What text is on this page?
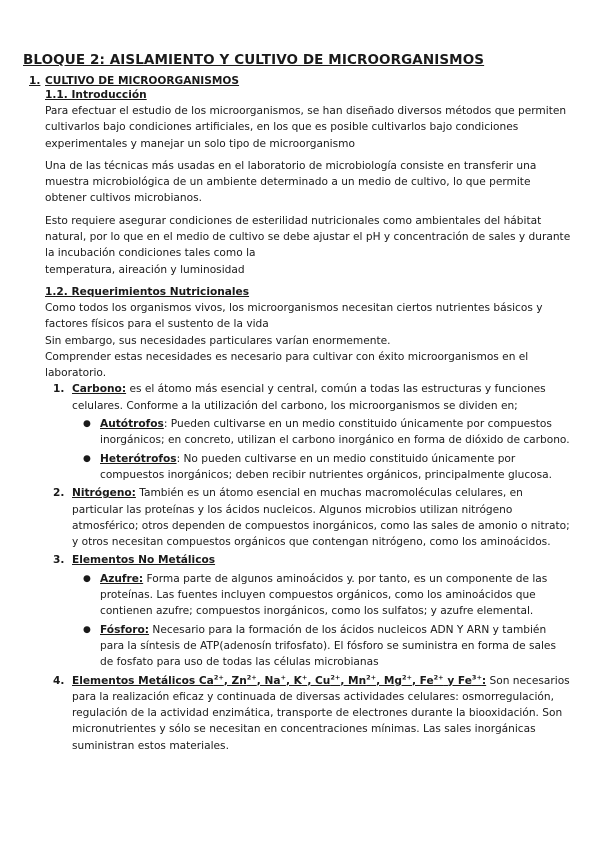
BLOQUE 2: AISLAMIENTO Y CULTIVO DE MICROORGANISMOS
1. CULTIVO DE MICROORGANISMOS
1.1. Introducción
Para efectuar el estudio de los microorganismos, se han diseñado diversos métodos que permiten cultivarlos bajo condiciones artificiales, en los que es posible cultivarlos bajo condiciones experimentales y manejar un solo tipo de microorganismo
Una de las técnicas más usadas en el laboratorio de microbiología consiste en transferir una muestra microbiológica de un ambiente determinado a un medio de cultivo, lo que permite obtener cultivos microbianos.
Esto requiere asegurar condiciones de esterilidad nutricionales como ambientales del hábitat natural, por lo que en el medio de cultivo se debe ajustar el pH y concentración de sales y durante la incubación condiciones tales como la
temperatura, aireación y luminosidad
1.2. Requerimientos Nutricionales
Como todos los organismos vivos, los microorganismos necesitan ciertos nutrientes básicos y factores físicos para el sustento de la vida
Sin embargo, sus necesidades particulares varían enormemente.
Comprender estas necesidades es necesario para cultivar con éxito microorganismos en el laboratorio.
1. Carbono: es el átomo más esencial y central, común a todas las estructuras y funciones celulares. Conforme a la utilización del carbono, los microorganismos se dividen en;
● Autótrofos: Pueden cultivarse en un medio constituido únicamente por compuestos inorgánicos; en concreto, utilizan el carbono inorgánico en forma de dióxido de carbono.
● Heterótrofos: No pueden cultivarse en un medio constituido únicamente por compuestos inorgánicos; deben recibir nutrientes orgánicos, principalmente glucosa.
2. Nitrógeno: También es un átomo esencial en muchas macromoléculas celulares, en particular las proteínas y los ácidos nucleicos. Algunos microbios utilizan nitrógeno atmosférico; otros dependen de compuestos inorgánicos, como las sales de amonio o nitrato; y otros necesitan compuestos orgánicos que contengan nitrógeno, como los aminoácidos.
3. Elementos No Metálicos
● Azufre: Forma parte de algunos aminoácidos y. por tanto, es un componente de las proteínas. Las fuentes incluyen compuestos orgánicos, como los aminoácidos que contienen azufre; compuestos inorgánicos, como los sulfatos; y azufre elemental.
● Fósforo: Necesario para la formación de los ácidos nucleicos ADN Y ARN y también para la síntesis de ATP(adenosín trifosfato). El fósforo se suministra en forma de sales de fosfato para uso de todas las células microbianas
4. Elementos Metálicos $Ca^{2+}$, $Zn^{2+}$, Na+, K+, $Cu^{2+}$, $Mn^{2+}$, $Mg^{2+}$, $Fe^{2+}$ y $Fe^{3+}$: Son necesarios para la realización eficaz y continuada de diversas actividades celulares: osmorregulación, regulación de la actividad enzimática, transporte de electrones durante la biooxidación. Son micronutrientes y sólo se necesitan en concentraciones mínimas. Las sales inorgánicas suministran estos materiales.
